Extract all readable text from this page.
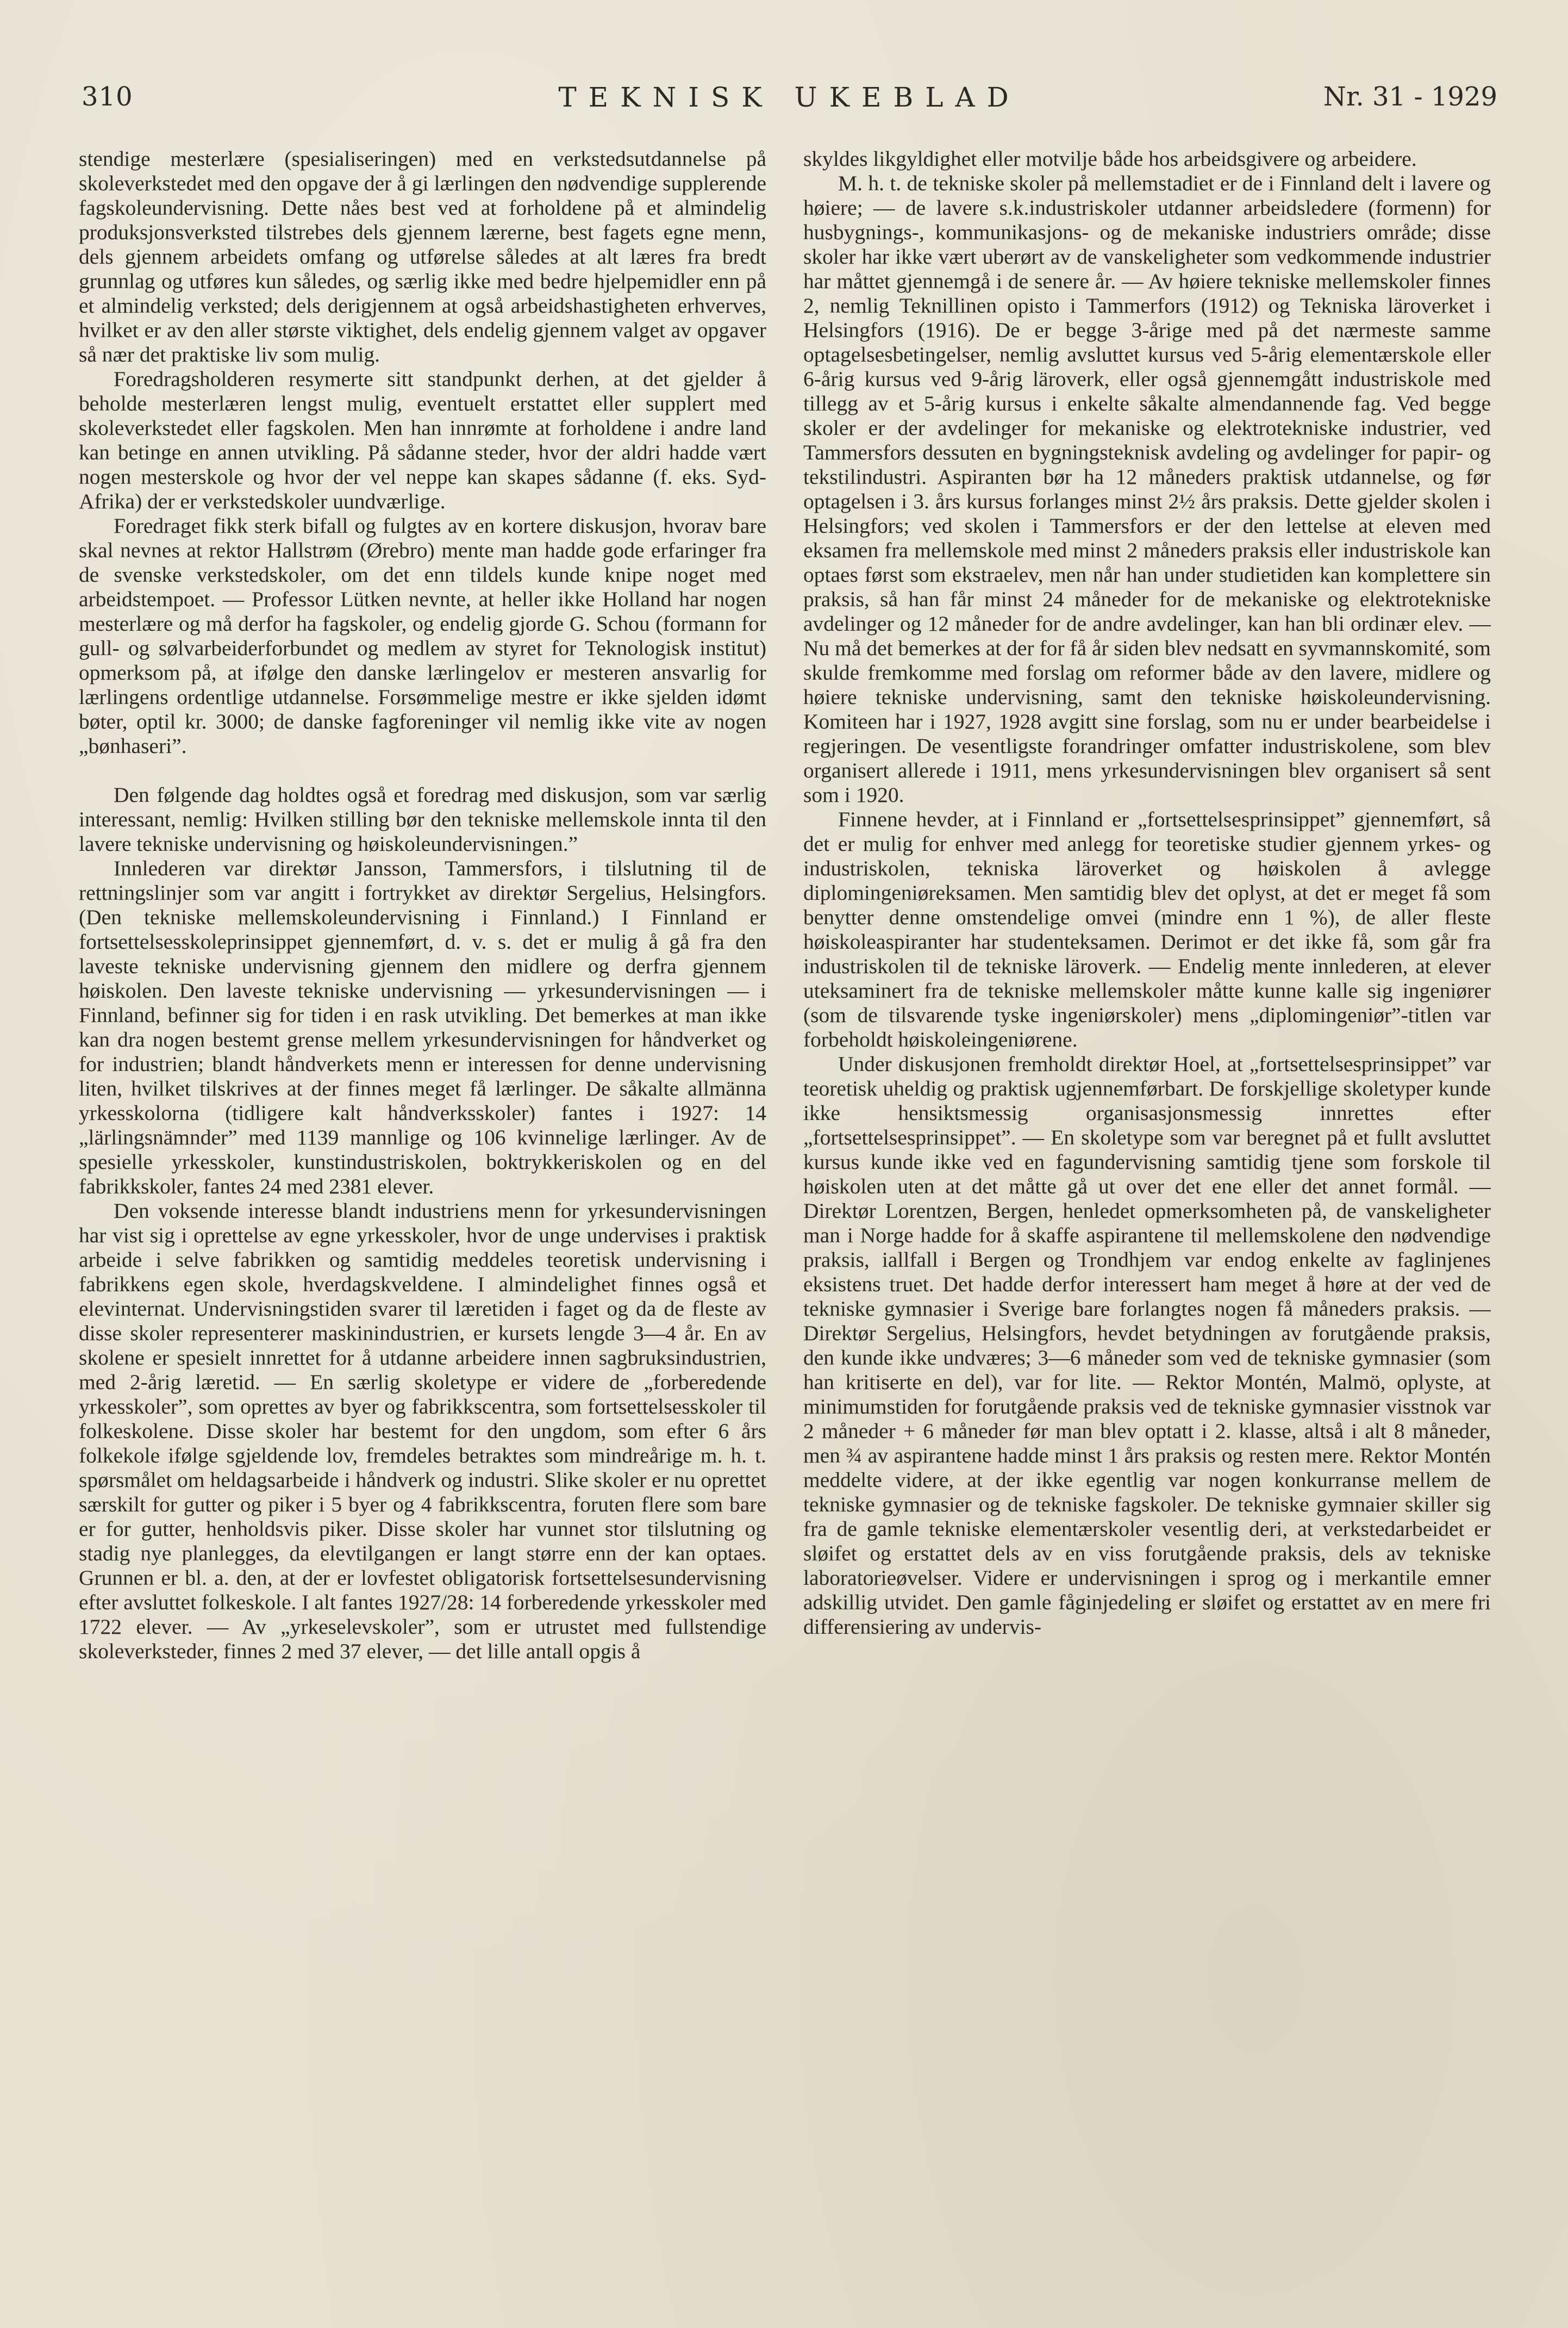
310	TEKNISK UKEBLAD	Nr. 31 - 1929

stendige mesterlære (spesialiseringen) med en verkstedsutdannelse på skoleverkstedet med den opgave der å gi lærlingen den nødvendige supplerende fagskoleundervisning. Dette nåes best ved at forholdene på et almindelig produksjonsverksted tilstrebes dels gjennem lærerne, best fagets egne menn, dels gjennem arbeidets omfang og utførelse således at alt læres fra bredt grunnlag og utføres kun således, og særlig ikke med bedre hjelpemidler enn på et almindelig verksted; dels derigjennem at også arbeidshastigheten erhverves, hvilket er av den aller største viktighet, dels endelig gjennem valget av opgaver så nær det praktiske liv som mulig.

Foredragsholderen resymerte sitt standpunkt derhen, at det gjelder å beholde mesterlæren lengst mulig, eventuelt erstattet eller supplert med skoleverkstedet eller fagskolen. Men han innrømte at forholdene i andre land kan betinge en annen utvikling. På sådanne steder, hvor der aldri hadde vært nogen mesterskole og hvor der vel neppe kan skapes sådanne (f. eks. Syd-Afrika) der er verkstedskoler uundværlige.

Foredraget fikk sterk bifall og fulgtes av en kortere diskusjon, hvorav bare skal nevnes at rektor Hallstrøm (Ørebro) mente man hadde gode erfaringer fra de svenske verkstedskoler, om det enn tildels kunde knipe noget med arbeidstempoet. — Professor Lütken nevnte, at heller ikke Holland har nogen mesterlære og må derfor ha fagskoler, og endelig gjorde G. Schou (formann for gull- og sølvarbeiderforbundet og medlem av styret for Teknologisk institut) opmerksom på, at ifølge den danske lærlingelov er mesteren ansvarlig for lærlingens ordentlige utdannelse. Forsømmelige mestre er ikke sjelden idømt bøter, optil kr. 3000; de danske fagforeninger vil nemlig ikke vite av nogen „bønhaseri”.

Den følgende dag holdtes også et foredrag med diskusjon, som var særlig interessant, nemlig: Hvilken stilling bør den tekniske mellemskole innta til den lavere tekniske undervisning og høiskoleundervisningen.”

Innlederen var direktør Jansson, Tammersfors, i tilslutning til de rettningslinjer som var angitt i fortrykket av direktør Sergelius, Helsingfors. (Den tekniske mellemskoleundervisning i Finnland.) I Finnland er fortsettelsesskoleprinsippet gjennemført, d. v. s. det er mulig å gå fra den laveste tekniske undervisning gjennem den midlere og derfra gjennem høiskolen. Den laveste tekniske undervisning — yrkesundervisningen — i Finnland, befinner sig for tiden i en rask utvikling. Det bemerkes at man ikke kan dra nogen bestemt grense mellem yrkesundervisningen for håndverket og for industrien; blandt håndverkets menn er interessen for denne undervisning liten, hvilket tilskrives at der finnes meget få lærlinger. De såkalte allmänna yrkesskolorna (tidligere kalt håndverksskoler) fantes i 1927: 14 „lärlingsnämnder” med 1139 mannlige og 106 kvinnelige lærlinger. Av de spesielle yrkesskoler, kunstindustriskolen, boktrykkeriskolen og en del fabrikkskoler, fantes 24 med 2381 elever.

Den voksende interesse blandt industriens menn for yrkesundervisningen har vist sig i oprettelse av egne yrkesskoler, hvor de unge undervises i praktisk arbeide i selve fabrikken og samtidig meddeles teoretisk undervisning i fabrikkens egen skole, hverdagskveldene. I almindelighet finnes også et elevinternat. Undervisningstiden svarer til læretiden i faget og da de fleste av disse skoler representerer maskinindustrien, er kursets lengde 3—4 år. En av skolene er spesielt innrettet for å utdanne arbeidere innen sagbruksindustrien, med 2-årig læretid. — En særlig skoletype er videre de „forberedende yrkesskoler”, som oprettes av byer og fabrikkscentra, som fortsettelsesskoler til folkeskolene. Disse skoler har bestemt for den ungdom, som efter 6 års folkekole ifølge sgjeldende lov, fremdeles betraktes som mindreårige m. h. t. spørsmålet om heldagsarbeide i håndverk og industri. Slike skoler er nu oprettet særskilt for gutter og piker i 5 byer og 4 fabrikkscentra, foruten flere som bare er for gutter, henholdsvis piker. Disse skoler har vunnet stor tilslutning og stadig nye planlegges, da elevtilgangen er langt større enn der kan optaes. Grunnen er bl. a. den, at der er lovfestet obligatorisk fortsettelsesundervisning efter avsluttet folkeskole. I alt fantes 1927/28: 14 forberedende yrkesskoler med 1722 elever. — Av „yrkeselevskoler”, som er utrustet med fullstendige skoleverksteder, finnes 2 med 37 elever, — det lille antall opgis å

skyldes likgyldighet eller motvilje både hos arbeidsgivere og arbeidere.

M. h. t. de tekniske skoler på mellemstadiet er de i Finnland delt i lavere og høiere; — de lavere s.k.industriskoler utdanner arbeidsledere (formenn) for husbygnings-, kommunikasjons- og de mekaniske industriers område; disse skoler har ikke vært uberørt av de vanskeligheter som vedkommende industrier har måttet gjennemgå i de senere år. — Av høiere tekniske mellemskoler finnes 2, nemlig Teknillinen opisto i Tammerfors (1912) og Tekniska läroverket i Helsingfors (1916). De er begge 3-årige med på det nærmeste samme optagelsesbetingelser, nemlig avsluttet kursus ved 5-årig elementærskole eller 6-årig kursus ved 9-årig läroverk, eller også gjennemgått industriskole med tillegg av et 5-årig kursus i enkelte såkalte almendannende fag. Ved begge skoler er der avdelinger for mekaniske og elektrotekniske industrier, ved Tammersfors dessuten en bygningsteknisk avdeling og avdelinger for papir- og tekstilindustri. Aspiranten bør ha 12 måneders praktisk utdannelse, og før optagelsen i 3. års kursus forlanges minst 2½ års praksis. Dette gjelder skolen i Helsingfors; ved skolen i Tammersfors er der den lettelse at eleven med eksamen fra mellemskole med minst 2 måneders praksis eller industriskole kan optaes først som ekstraelev, men når han under studietiden kan komplettere sin praksis, så han får minst 24 måneder for de mekaniske og elektrotekniske avdelinger og 12 måneder for de andre avdelinger, kan han bli ordinær elev. — Nu må det bemerkes at der for få år siden blev nedsatt en syvmannskomité, som skulde fremkomme med forslag om reformer både av den lavere, midlere og høiere tekniske undervisning, samt den tekniske høiskoleundervisning. Komiteen har i 1927, 1928 avgitt sine forslag, som nu er under bearbeidelse i regjeringen. De vesentligste forandringer omfatter industriskolene, som blev organisert allerede i 1911, mens yrkesundervisningen blev organisert så sent som i 1920.

Finnene hevder, at i Finnland er „fortsettelsesprinsippet” gjennemført, så det er mulig for enhver med anlegg for teoretiske studier gjennem yrkes- og industriskolen, tekniska läroverket og høiskolen å avlegge diplomingeniøreksamen. Men samtidig blev det oplyst, at det er meget få som benytter denne omstendelige omvei (mindre enn 1 %), de aller fleste høiskoleaspiranter har studenteksamen. Derimot er det ikke få, som går fra industriskolen til de tekniske läroverk. — Endelig mente innlederen, at elever uteksaminert fra de tekniske mellemskoler måtte kunne kalle sig ingeniører (som de tilsvarende tyske ingeniørskoler) mens „diplomingeniør”-titlen var forbeholdt høiskoleingeniørene.

Under diskusjonen fremholdt direktør Hoel, at „fortsettelsesprinsippet” var teoretisk uheldig og praktisk ugjennemførbart. De forskjellige skoletyper kunde ikke hensiktsmessig organisasjonsmessig innrettes efter „fortsettelsesprinsippet”. — En skoletype som var beregnet på et fullt avsluttet kursus kunde ikke ved en fagundervisning samtidig tjene som forskole til høiskolen uten at det måtte gå ut over det ene eller det annet formål. — Direktør Lorentzen, Bergen, henledet opmerksomheten på, de vanskeligheter man i Norge hadde for å skaffe aspirantene til mellemskolene den nødvendige praksis, iallfall i Bergen og Trondhjem var endog enkelte av faglinjenes eksistens truet. Det hadde derfor interessert ham meget å høre at der ved de tekniske gymnasier i Sverige bare forlangtes nogen få måneders praksis. — Direktør Sergelius, Helsingfors, hevdet betydningen av forutgående praksis, den kunde ikke undværes; 3—6 måneder som ved de tekniske gymnasier (som han kritiserte en del), var for lite. — Rektor Montén, Malmö, oplyste, at minimumstiden for forutgående praksis ved de tekniske gymnasier visstnok var 2 måneder + 6 måneder før man blev optatt i 2. klasse, altså i alt 8 måneder, men ¾ av aspirantene hadde minst 1 års praksis og resten mere. Rektor Montén meddelte videre, at der ikke egentlig var nogen konkurranse mellem de tekniske gymnasier og de tekniske fagskoler. De tekniske gymnaier skiller sig fra de gamle tekniske elementærskoler vesentlig deri, at verkstedarbeidet er sløifet og erstattet dels av en viss forutgående praksis, dels av tekniske laboratorieøvelser. Videre er undervisningen i sprog og i merkantile emner adskillig utvidet. Den gamle fåginjedeling er sløifet og erstattet av en mere fri differensiering av undervis-
